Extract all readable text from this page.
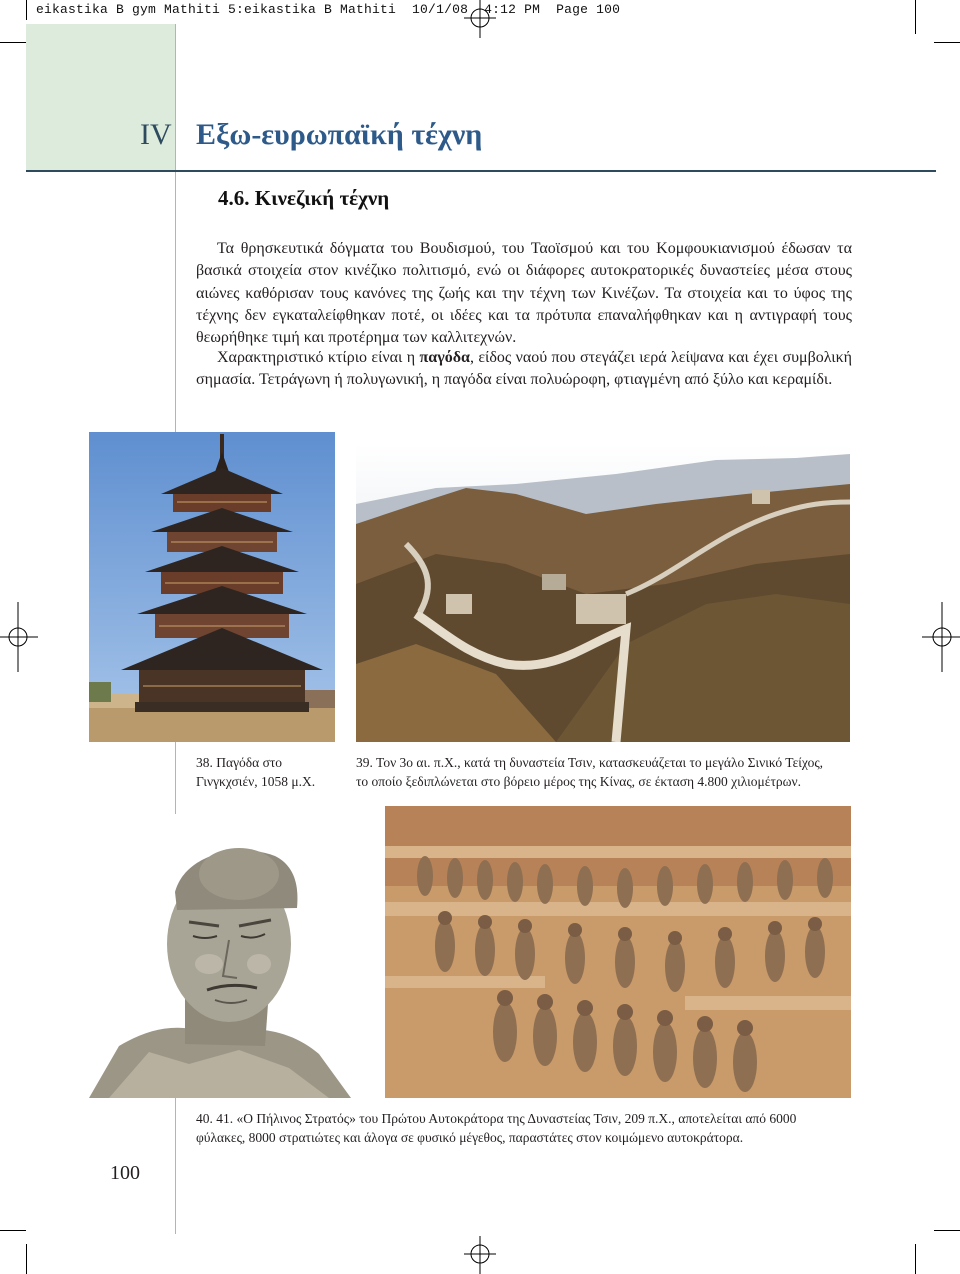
eikastika B gym Mathiti 5:eikastika B Mathiti  10/1/08  4:12 PM  Page 100
IV Εξω-ευρωπαϊκή τέχνη
4.6. Κινεζική τέχνη
Τα θρησκευτικά δόγματα του Βουδισμού, του Ταοϊσμού και του Κομφουκιανισμού έδωσαν τα βασικά στοιχεία στον κινέζικο πολιτισμό, ενώ οι διάφορες αυτοκρατορικές δυναστείες μέσα στους αιώνες καθόρισαν τους κανόνες της ζωής και την τέχνη των Κινέζων. Τα στοιχεία και το ύφος της τέχνης δεν εγκαταλείφθηκαν ποτέ, οι ιδέες και τα πρότυπα επαναλήφθηκαν και η αντιγραφή τους θεωρήθηκε τιμή και προτέρημα των καλλιτεχνών.
Χαρακτηριστικό κτίριο είναι η παγόδα, είδος ναού που στεγάζει ιερά λείψανα και έχει συμβολική σημασία. Τετράγωνη ή πολυγωνική, η παγόδα είναι πολυώροφη, φτιαγμένη από ξύλο και κεραμίδι.
38. Παγόδα στο
Γινγκχσιέν, 1058 μ.Χ.
39. Τον 3ο αι. π.Χ., κατά τη δυναστεία Τσιν, κατασκευάζεται το μεγάλο Σινικό Τείχος,
το οποίο ξεδιπλώνεται στο βόρειο μέρος της Κίνας, σε έκταση 4.800 χιλιομέτρων.
40. 41. «Ο Πήλινος Στρατός» του Πρώτου Αυτοκράτορα της Δυναστείας Τσιν, 209 π.Χ., αποτελείται από 6000
φύλακες, 8000 στρατιώτες και άλογα σε φυσικό μέγεθος, παραστάτες στον κοιμώμενο αυτοκράτορα.
100
